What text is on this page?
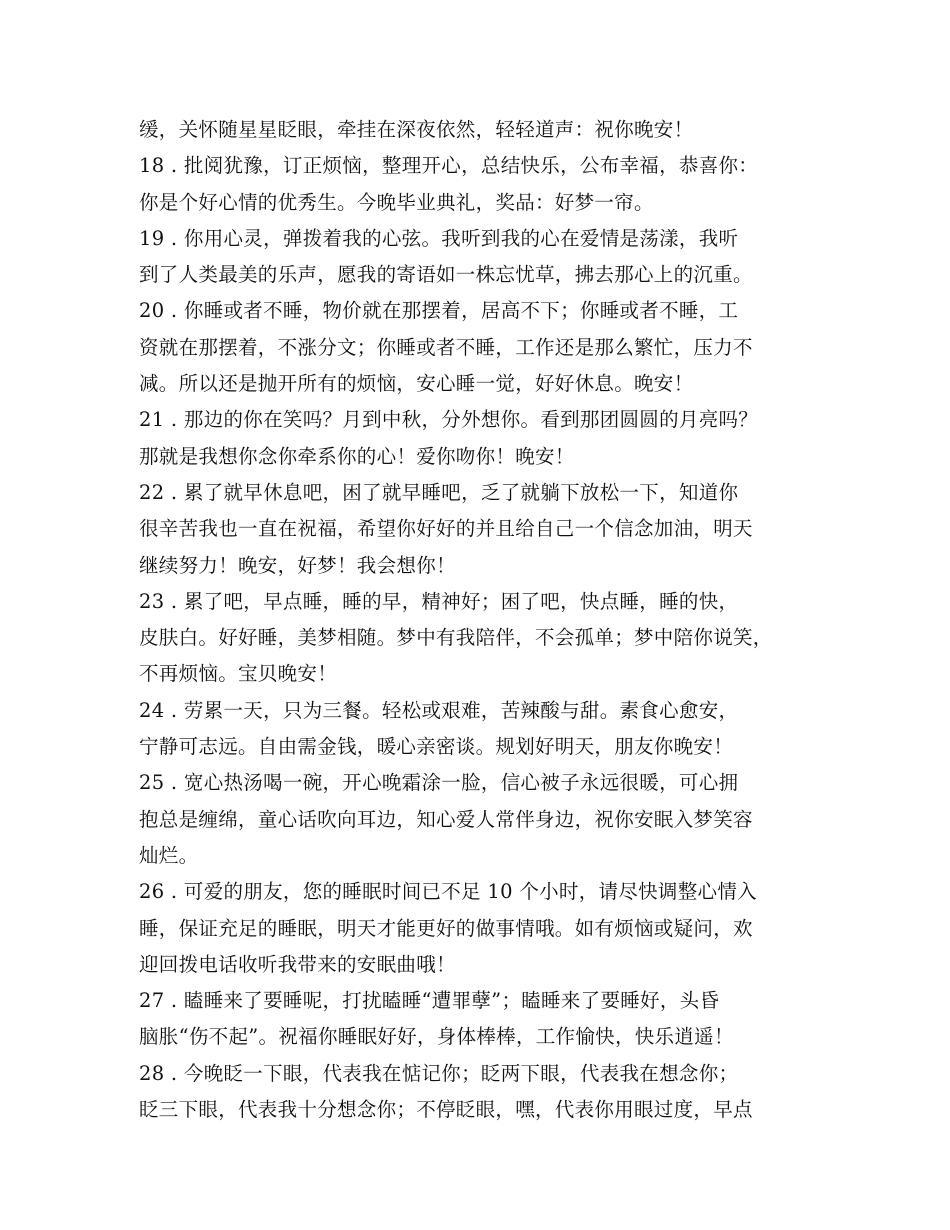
缓，关怀随星星眨眼，牵挂在深夜依然，轻轻道声：祝你晚安！
18 . 批阅犹豫，订正烦恼，整理开心，总结快乐，公布幸福，恭喜你：
你是个好心情的优秀生。今晚毕业典礼，奖品：好梦一帘。
19 . 你用心灵，弹拨着我的心弦。我听到我的心在爱情是荡漾，我听
到了人类最美的乐声，愿我的寄语如一株忘忧草，拂去那心上的沉重。
20 . 你睡或者不睡，物价就在那摆着，居高不下；你睡或者不睡，工
资就在那摆着，不涨分文；你睡或者不睡，工作还是那么繁忙，压力不
减。所以还是抛开所有的烦恼，安心睡一觉，好好休息。晚安！
21 . 那边的你在笑吗？月到中秋，分外想你。看到那团圆圆的月亮吗？
那就是我想你念你牵系你的心！爱你吻你！晚安！
22 . 累了就早休息吧，困了就早睡吧，乏了就躺下放松一下，知道你
很辛苦我也一直在祝福，希望你好好的并且给自己一个信念加油，明天
继续努力！晚安，好梦！我会想你！
23 . 累了吧，早点睡，睡的早，精神好；困了吧，快点睡，睡的快，
皮肤白。好好睡，美梦相随。梦中有我陪伴，不会孤单；梦中陪你说笑，
不再烦恼。宝贝晚安！
24 . 劳累一天，只为三餐。轻松或艰难，苦辣酸与甜。素食心愈安，
宁静可志远。自由需金钱，暖心亲密谈。规划好明天，朋友你晚安！
25 . 宽心热汤喝一碗，开心晚霜涂一脸，信心被子永远很暖，可心拥
抱总是缠绵，童心话吹向耳边，知心爱人常伴身边，祝你安眠入梦笑容
灿烂。
26 . 可爱的朋友，您的睡眠时间已不足 10 个小时，请尽快调整心情入
睡，保证充足的睡眠，明天才能更好的做事情哦。如有烦恼或疑问，欢
迎回拨电话收听我带来的安眠曲哦！
27 . 瞌睡来了要睡呢，打扰瞌睡“遭罪孽”；瞌睡来了要睡好，头昏
脑胀“伤不起”。祝福你睡眠好好，身体棒棒，工作愉快，快乐逍遥！
28 . 今晚眨一下眼，代表我在惦记你；眨两下眼，代表我在想念你；
眨三下眼，代表我十分想念你；不停眨眼，嘿，代表你用眼过度，早点
